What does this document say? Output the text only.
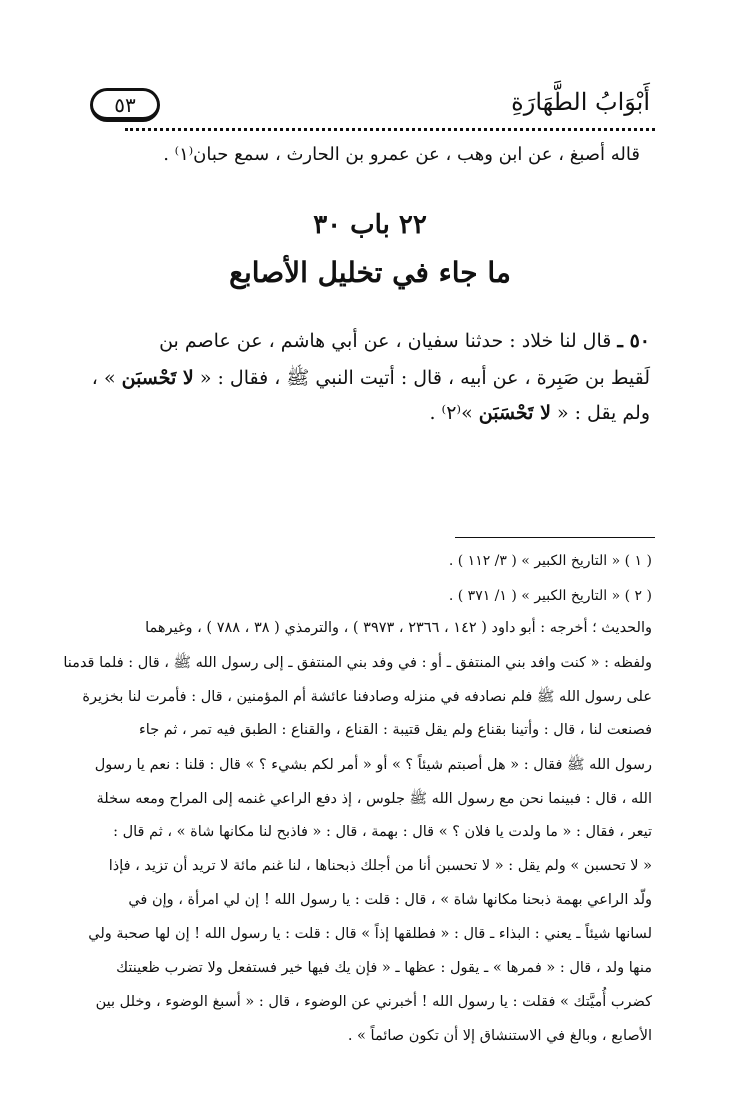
٥٣	أَبْوَابُ الطَّهَارَةِ
قاله أصبغ ، عن ابن وهب ، عن عمرو بن الحارث ، سمع حبان⁽١⁾ .
٢٢ باب ٣٠
ما جاء في تخليل الأصابع
٥٠ ـ قال لنا خلاد : حدثنا سفيان ، عن أبي هاشم ، عن عاصم بن
لَقيط بن صَبِرة ، عن أبيه ، قال : أتيت النبي ﷺ ، فقال : « لا تَحْسبَن » ،
ولم يقل : « لا تَحْسَبَن »⁽٢⁾ .
( ١ ) « التاريخ الكبير » ( ٣/ ١١٢ ) .
( ٢ ) « التاريخ الكبير » ( ١/ ٣٧١ ) .
والحديث ؛ أخرجه : أبو داود ( ١٤٢ ، ٢٣٦٦ ، ٣٩٧٣ ) ، والترمذي ( ٣٨ ، ٧٨٨ ) ، وغيرهما
ولفظه : « كنت وافد بني المنتفق ـ أو : في وفد بني المنتفق ـ إلى رسول الله ﷺ ، قال : فلما قدمنا
على رسول الله ﷺ فلم نصادفه في منزله وصادفنا عائشة أم المؤمنين ، قال : فأمرت لنا بخزيرة
فصنعت لنا ، قال : وأتينا بقناع ولم يقل قتيبة : القناع ، والقناع : الطبق فيه تمر ، ثم جاء
رسول الله ﷺ فقال : « هل أصبتم شيئاً ؟ » أو « أمر لكم بشيء ؟ » قال : قلنا : نعم يا رسول
الله ، قال : فبينما نحن مع رسول الله ﷺ جلوس ، إذ دفع الراعي غنمه إلى المراح ومعه سخلة
تيعر ، فقال : « ما ولدت يا فلان ؟ » قال : بهمة ، قال : « فاذبح لنا مكانها شاة » ، ثم قال :
« لا تحسبن » ولم يقل : « لا تحسبن أنا من أجلك ذبحناها ، لنا غنم مائة لا تريد أن تزيد ، فإذا
ولّد الراعي بهمة ذبحنا مكانها شاة » ، قال : قلت : يا رسول الله ! إن لي امرأة ، وإن في
لسانها شيئاً ـ يعني : البذاء ـ قال : « فطلقها إذاً » قال : قلت : يا رسول الله ! إن لها صحبة ولي
منها ولد ، قال : « فمرها » ـ يقول : عظها ـ « فإن يك فيها خير فستفعل ولا تضرب ظعينتك
كضرب أُميَّتك » فقلت : يا رسول الله ! أخبرني عن الوضوء ، قال : « أسبغ الوضوء ، وخلل بين
الأصابع ، وبالغ في الاستنشاق إلا أن تكون صائماً » .
